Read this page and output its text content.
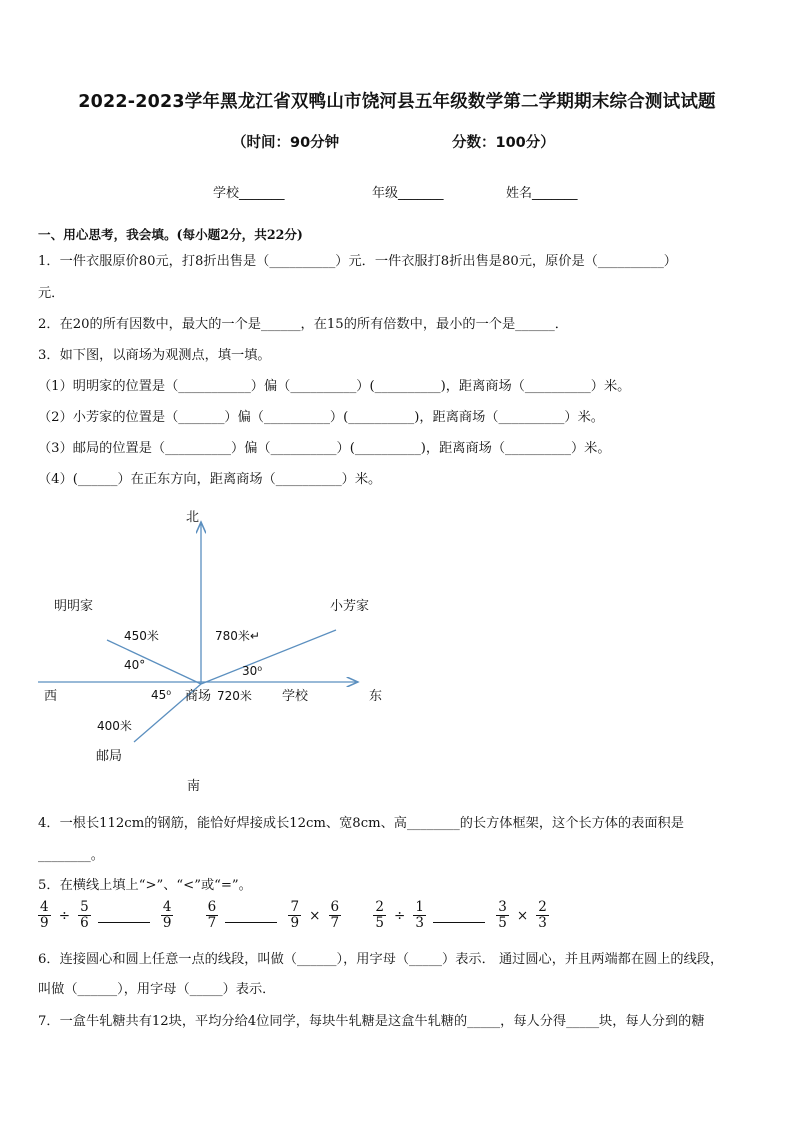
2022-2023学年黑龙江省双鸭山市饶河县五年级数学第二学期期末综合测试试题
（时间：90分钟	分数：100分）
学校_______	年级_______	姓名_______
一、用心思考，我会填。(每小题2分，共22分)
1．一件衣服原价80元，打8折出售是（__________）元．一件衣服打8折出售是80元，原价是（__________）
元．
2．在20的所有因数中，最大的一个是______，在15的所有倍数中，最小的一个是______．
3．如下图，以商场为观测点，填一填。
（1）明明家的位置是（___________）偏（__________）(__________)，距离商场（__________）米。
（2）小芳家的位置是（_______）偏（__________）(__________)，距离商场（__________）米。
（3）邮局的位置是（__________）偏（__________）(__________)，距离商场（__________）米。
（4）(______）在正东方向，距离商场（__________）米。
北
南
西	东
明明家	小芳家
学校
邮局
商场
450米	780米↵
720米
400米
40°	30⁰
45⁰
4．一根长112cm的钢筋，能恰好焊接成长12cm、宽8cm、高________的长方体框架，这个长方体的表面积是
________。
5．在横线上填上“>”、“<”或“=”。
$\frac{4}{9} \div \frac{5}{6}$
	$\frac{4}{9}$
$\frac{6}{7}$
	$\frac{7}{9} \times \frac{6}{7}$
$\frac{2}{5} \div \frac{1}{3}$
	$\frac{3}{5} \times \frac{2}{3}$
6．连接圆心和圆上任意一点的线段，叫做（______），用字母（_____）表示． 通过圆心，并且两端都在圆上的线段，
叫做（______），用字母（_____）表示．
7．一盒牛轧糖共有12块，平均分给4位同学，每块牛轧糖是这盒牛轧糖的_____，每人分得_____块，每人分到的糖
